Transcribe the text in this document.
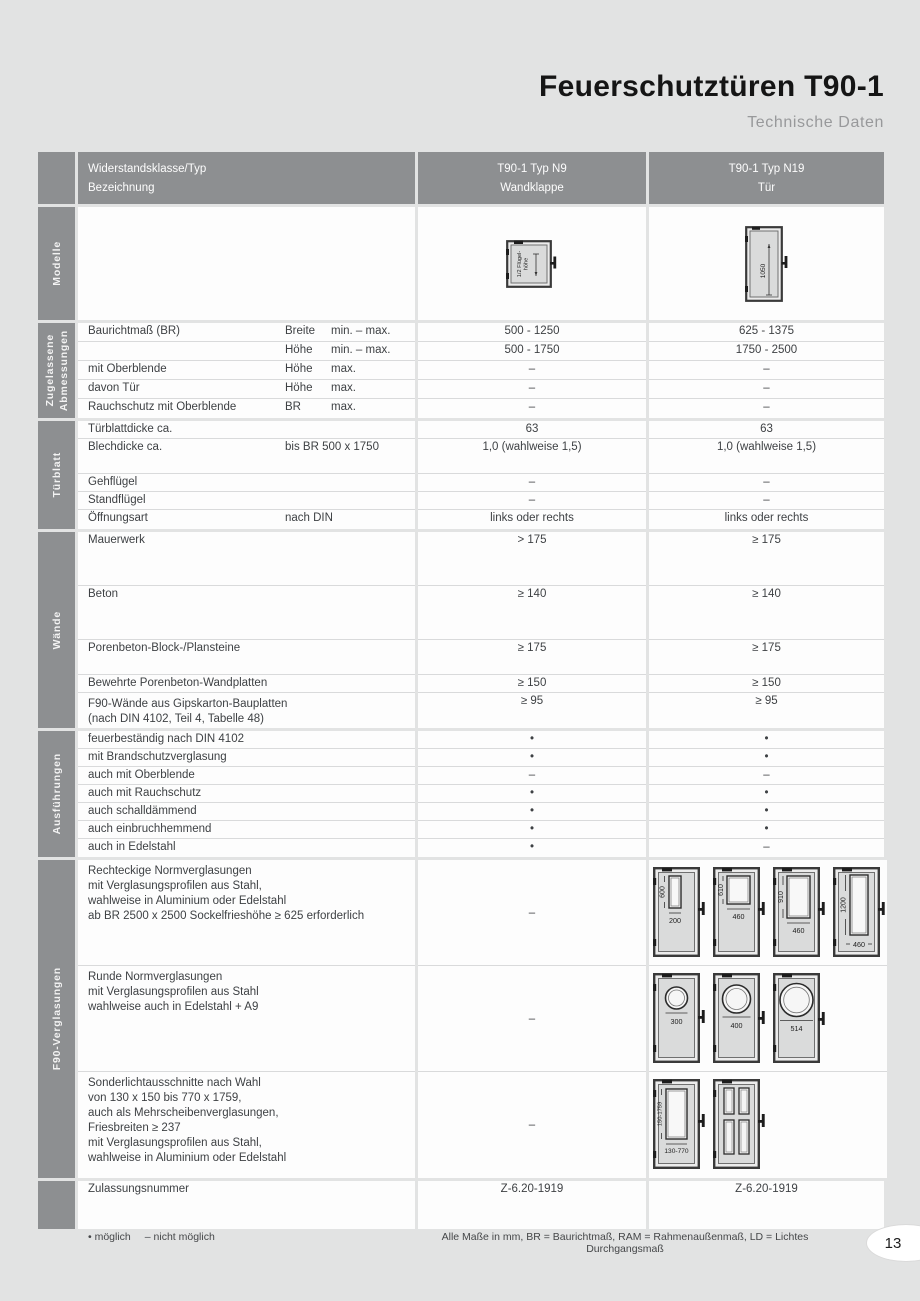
Feuerschutztüren T90-1
Technische Daten
Widerstandsklasse/Typ
Bezeichnung
T90-1 Typ N9
Wandklappe
T90-1 Typ N19
Tür
Modelle	1/2 Flügel- höhe	1050
Zugelassene Abmessungen Baurichtmaß (BR)	Breite min. – max.	500 - 1250	625 - 1375
Höhe min. – max.	500 - 1750	1750 - 2500
mit Oberblende	Höhe max.	–	–
davon Tür	Höhe max.	–	–
Rauchschutz mit Oberblende	BR	max.	–	–
Türblatt
Türblattdicke ca.	63	63
Blechdicke ca.	bis BR 500 x 1750	1,0 (wahlweise 1,5)	1,0 (wahlweise 1,5)
Gehflügel	–	–
Standflügel	–	–
Öffnungsart	nach DIN	links oder rechts	links oder rechts
Wände
Mauerwerk	> 175	≥ 175
Beton	≥ 140	≥ 140
Porenbeton-Block-/Plansteine	≥ 175	≥ 175
Bewehrte Porenbeton-Wandplatten	≥ 150	≥ 150
F90-Wände aus Gipskarton-Bauplatten
(nach DIN 4102, Teil 4, Tabelle 48)
≥ 95	≥ 95
Ausführungen
feuerbeständig nach DIN 4102	•	•
mit Brandschutzverglasung	•	•
auch mit Oberblende	–	–
auch mit Rauchschutz	•	•
auch schalldämmend	•	•
auch einbruchhemmend	•	•
auch in Edelstahl	•	–
F90-Verglasungen
Rechteckige Normverglasungen
mit Verglasungsprofilen aus Stahl,
wahlweise in Aluminium oder Edelstahl
ab BR 2500 x 2500 Sockelfrieshöhe ≥ 625 erforderlich	–
600
200
610
460
910
460
1200
460
Runde Normverglasungen
mit Verglasungsprofilen aus Stahl
wahlweise auch in Edelstahl + A9
–	300	400	514
Sonderlichtausschnitte nach Wahl
von 130 x 150 bis 770 x 1759,
auch als Mehrscheibenverglasungen,
Friesbreiten ≥ 237
mit Verglasungsprofilen aus Stahl,
wahlweise in Aluminium oder Edelstahl
–	150-1759
130-770
Zulassungsnummer	Z-6.20-1919	Z-6.20-1919
• möglich – nicht möglich	Alle Maße in mm, BR = Baurichtmaß, RAM = Rahmenaußenmaß, LD = Lichtes Durchgangsmaß	13
